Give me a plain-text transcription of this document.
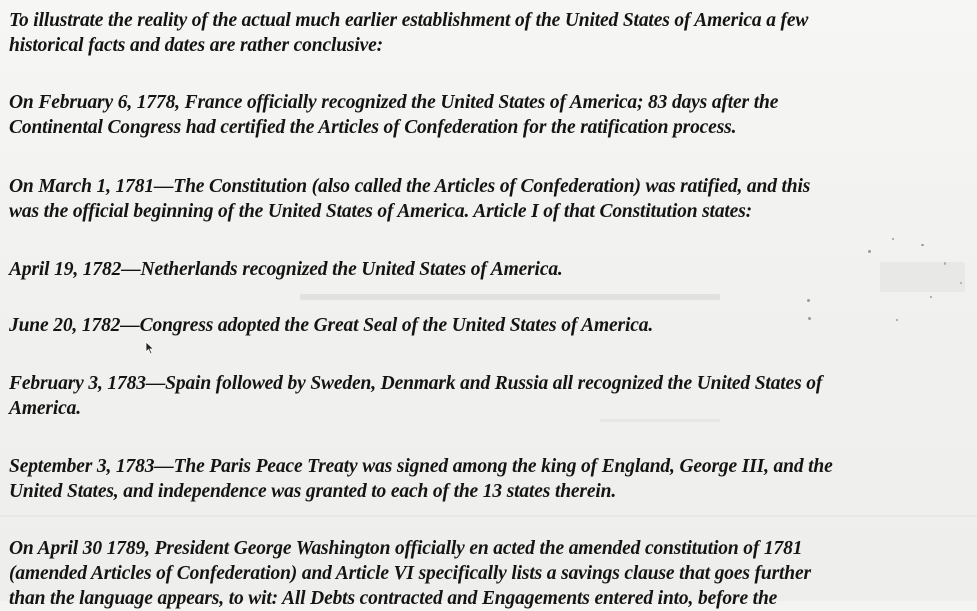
To illustrate the reality of the actual much earlier establishment of the United States of America a few
historical facts and dates are rather conclusive:

On February 6, 1778, France officially recognized the United States of America; 83 days after the
Continental Congress had certified the Articles of Confederation for the ratification process.

On March 1, 1781—The Constitution (also called the Articles of Confederation) was ratified, and this
was the official beginning of the United States of America. Article I of that Constitution states:

April 19, 1782—Netherlands recognized the United States of America.

June 20, 1782—Congress adopted the Great Seal of the United States of America.

February 3, 1783—Spain followed by Sweden, Denmark and Russia all recognized the United States of
America.

September 3, 1783—The Paris Peace Treaty was signed among the king of England, George III, and the
United States, and independence was granted to each of the 13 states therein.

On April 30 1789, President George Washington officially en acted the amended constitution of 1781
(amended Articles of Confederation) and Article VI specifically lists a savings clause that goes further
than the language appears, to wit: All Debts contracted and Engagements entered into, before the
